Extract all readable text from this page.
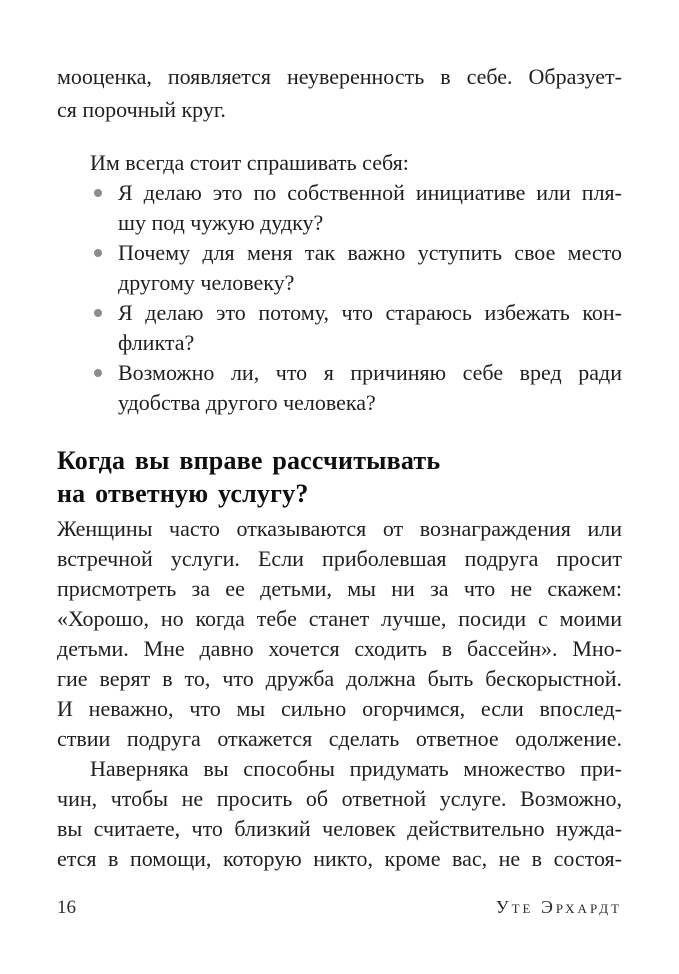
мооценка, появляется неуверенность в себе. Образует-
ся порочный круг.

Им всегда стоит спрашивать себя:

Я делаю это по собственной инициативе или пля-
шу под чужую дудку?
Почему для меня так важно уступить свое место
другому человеку?
Я делаю это потому, что стараюсь избежать кон-
фликта?
Возможно ли, что я причиняю себе вред ради
удобства другого человека?
Когда вы вправе рассчитывать
на ответную услугу?

Женщины часто отказываются от вознаграждения или
встречной услуги. Если приболевшая подруга просит
присмотреть за ее детьми, мы ни за что не скажем:
«Хорошо, но когда тебе станет лучше, посиди с моими
детьми. Мне давно хочется сходить в бассейн». Мно-
гие верят в то, что дружба должна быть бескорыстной.
И неважно, что мы сильно огорчимся, если впослед-
ствии подруга откажется сделать ответное одолжение.

Наверняка вы способны придумать множество при-
чин, чтобы не просить об ответной услуге. Возможно,
вы считаете, что близкий человек действительно нужда-
ется в помощи, которую никто, кроме вас, не в состоя-

16	Уте Эрхардт
